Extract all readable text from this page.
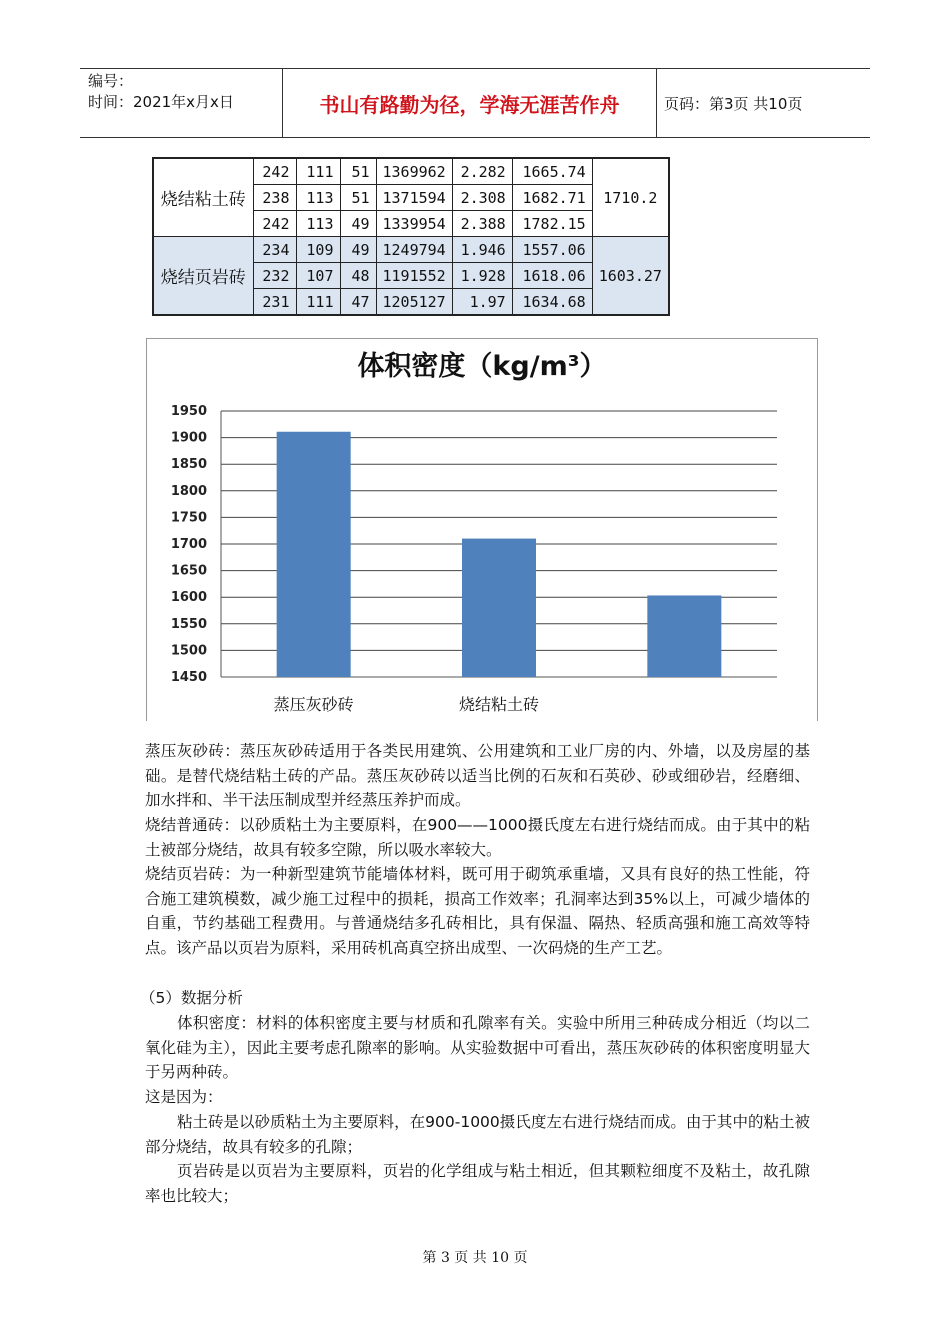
编号：
时间：2021年x月x日	书山有路勤为径，学海无涯苦作舟	页码：第3页 共10页
烧结粘土砖	242	111	51	1369962	2.282	1665.74	1710.2
	238	113	51	1371594	2.308	1682.71	
	242	113	49	1339954	2.388	1782.15	
烧结页岩砖	234	109	49	1249794	1.946	1557.06	1603.27
	232	107	48	1191552	1.928	1618.06	
	231	111	47	1205127	1.97	1634.68	
体积密度（kg/m³）
1450
1500
1550
1600
1650
1700
1750
1800
1850
1900
1950
蒸压灰砂砖	烧结粘土砖

蒸压灰砂砖：蒸压灰砂砖适用于各类民用建筑、公用建筑和工业厂房的内、外墙，以及房屋的基础。是替代烧结粘土砖的产品。蒸压灰砂砖以适当比例的石灰和石英砂、砂或细砂岩，经磨细、加水拌和、半干法压制成型并经蒸压养护而成。

烧结普通砖：以砂质粘土为主要原料，在900——1000摄氏度左右进行烧结而成。由于其中的粘土被部分烧结，故具有较多空隙，所以吸水率较大。

烧结页岩砖：为一种新型建筑节能墙体材料，既可用于砌筑承重墙，又具有良好的热工性能，符合施工建筑模数，减少施工过程中的损耗，损高工作效率；孔洞率达到35%以上，可减少墙体的自重，节约基础工程费用。与普通烧结多孔砖相比，具有保温、隔热、轻质高强和施工高效等特点。该产品以页岩为原料，采用砖机高真空挤出成型、一次码烧的生产工艺。

（5）数据分析

体积密度：材料的体积密度主要与材质和孔隙率有关。实验中所用三种砖成分相近（均以二氧化硅为主），因此主要考虑孔隙率的影响。从实验数据中可看出，蒸压灰砂砖的体积密度明显大于另两种砖。

这是因为：

粘土砖是以砂质粘土为主要原料，在900-1000摄氏度左右进行烧结而成。由于其中的粘土被部分烧结，故具有较多的孔隙；

页岩砖是以页岩为主要原料，页岩的化学组成与粘土相近，但其颗粒细度不及粘土，故孔隙率也比较大；

第 3 页 共 10 页
